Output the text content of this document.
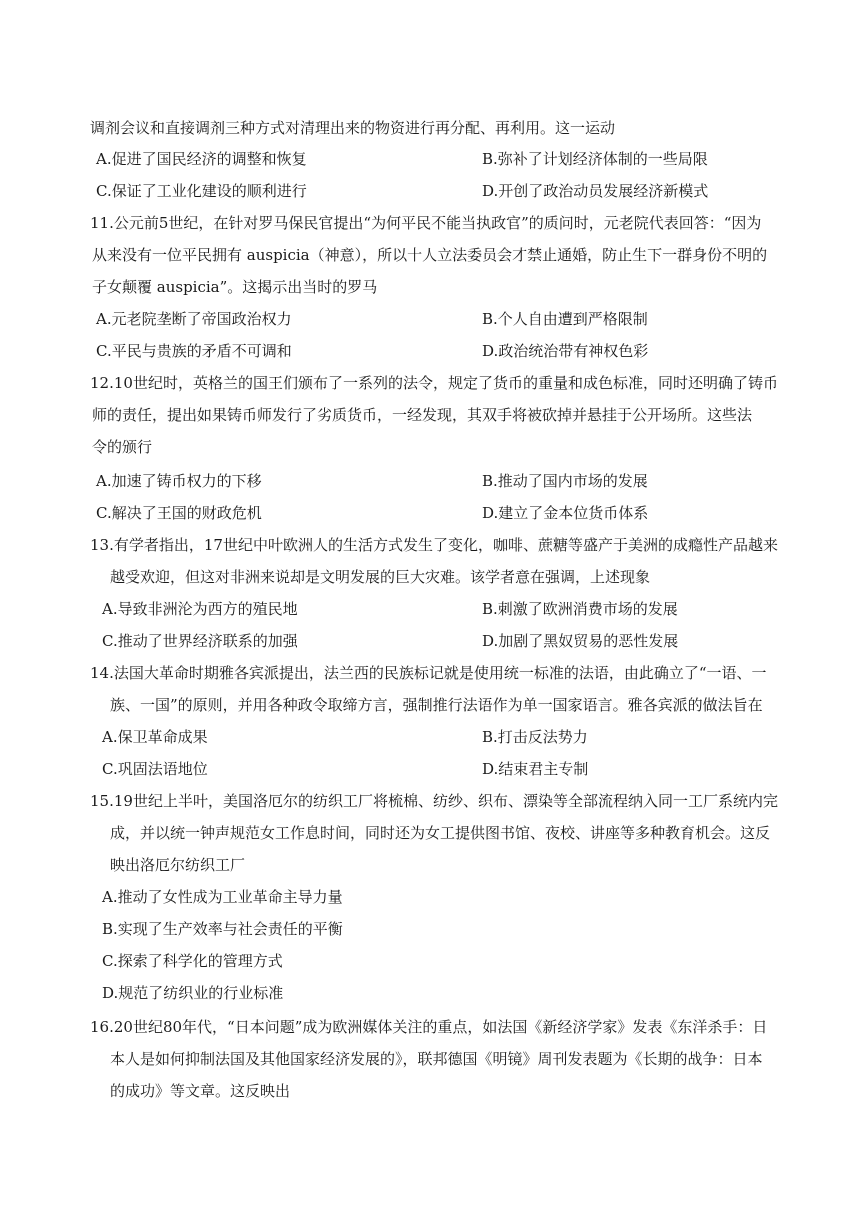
调剂会议和直接调剂三种方式对清理出来的物资进行再分配、再利用。这一运动
A.促进了国民经济的调整和恢复	B.弥补了计划经济体制的一些局限
C.保证了工业化建设的顺利进行	D.开创了政治动员发展经济新模式
11.公元前5世纪，在针对罗马保民官提出“为何平民不能当执政官”的质问时，元老院代表回答：“因为
从来没有一位平民拥有 auspicia（神意），所以十人立法委员会才禁止通婚，防止生下一群身份不明的
子女颠覆 auspicia”。这揭示出当时的罗马
A.元老院垄断了帝国政治权力	B.个人自由遭到严格限制
C.平民与贵族的矛盾不可调和	D.政治统治带有神权色彩
12.10世纪时，英格兰的国王们颁布了一系列的法令，规定了货币的重量和成色标准，同时还明确了铸币
师的责任，提出如果铸币师发行了劣质货币，一经发现，其双手将被砍掉并悬挂于公开场所。这些法
令的颁行
A.加速了铸币权力的下移	B.推动了国内市场的发展
C.解决了王国的财政危机	D.建立了金本位货币体系
13.有学者指出，17世纪中叶欧洲人的生活方式发生了变化，咖啡、蔗糖等盛产于美洲的成瘾性产品越来
越受欢迎，但这对非洲来说却是文明发展的巨大灾难。该学者意在强调，上述现象
A.导致非洲沦为西方的殖民地	B.刺激了欧洲消费市场的发展
C.推动了世界经济联系的加强	D.加剧了黑奴贸易的恶性发展
14.法国大革命时期雅各宾派提出，法兰西的民族标记就是使用统一标准的法语，由此确立了“一语、一
族、一国”的原则，并用各种政令取缔方言，强制推行法语作为单一国家语言。雅各宾派的做法旨在
A.保卫革命成果	B.打击反法势力
C.巩固法语地位	D.结束君主专制
15.19世纪上半叶，美国洛厄尔的纺织工厂将梳棉、纺纱、织布、漂染等全部流程纳入同一工厂系统内完
成，并以统一钟声规范女工作息时间，同时还为女工提供图书馆、夜校、讲座等多种教育机会。这反
映出洛厄尔纺织工厂
A.推动了女性成为工业革命主导力量
B.实现了生产效率与社会责任的平衡
C.探索了科学化的管理方式
D.规范了纺织业的行业标准
16.20世纪80年代，“日本问题”成为欧洲媒体关注的重点，如法国《新经济学家》发表《东洋杀手：日
本人是如何抑制法国及其他国家经济发展的》，联邦德国《明镜》周刊发表题为《长期的战争：日本
的成功》等文章。这反映出
